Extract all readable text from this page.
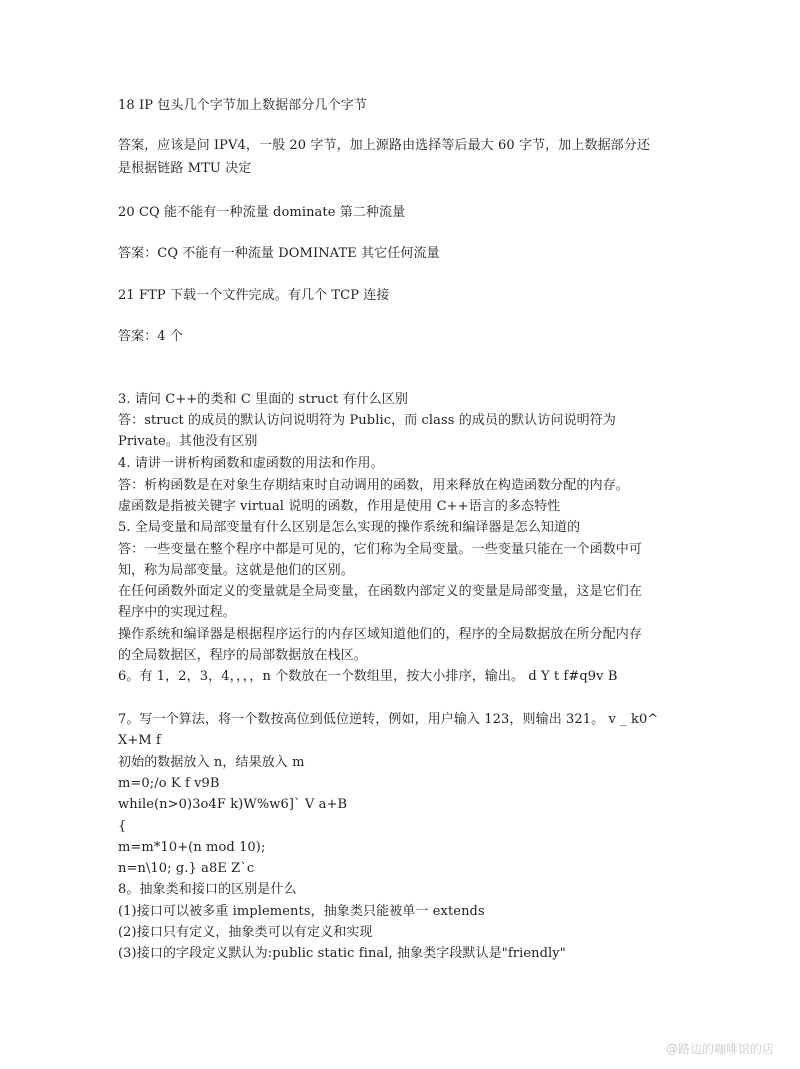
18 IP 包头几个字节加上数据部分几个字节
答案，应该是问 IPV4，一般 20 字节，加上源路由选择等后最大 60 字节，加上数据部分还
是根据链路 MTU 决定
20 CQ 能不能有一种流量 dominate 第二种流量
答案：CQ 不能有一种流量 DOMINATE 其它任何流量
21 FTP 下载一个文件完成。有几个 TCP 连接
答案：4 个
3. 请问 C++的类和 C 里面的 struct 有什么区别
答：struct 的成员的默认访问说明符为 Public，而 class 的成员的默认访问说明符为
Private。其他没有区别
4. 请讲一讲析构函数和虚函数的用法和作用。
答：析构函数是在对象生存期结束时自动调用的函数，用来释放在构造函数分配的内存。
虚函数是指被关键字 virtual 说明的函数，作用是使用 C++语言的多态特性
5. 全局变量和局部变量有什么区别是怎么实现的操作系统和编译器是怎么知道的
答：一些变量在整个程序中都是可见的，它们称为全局变量。一些变量只能在一个函数中可
知，称为局部变量。这就是他们的区别。
在任何函数外面定义的变量就是全局变量，在函数内部定义的变量是局部变量，这是它们在
程序中的实现过程。
操作系统和编译器是根据程序运行的内存区域知道他们的，程序的全局数据放在所分配内存
的全局数据区，程序的局部数据放在栈区。
6。有 1，2，3，4，，，，n 个数放在一个数组里，按大小排序，输出。 d Y t f#q9v B
7。写一个算法，将一个数按高位到低位逆转，例如，用户输入 123，则输出 321。 v _ k0^
X+M f
初始的数据放入 n，结果放入 m
m=0;/o K f v9B
while(n>0)3o4F k)W%w6]` V a+B
{
m=m*10+(n mod 10);
n=n\10; g.} a8E Z`c
8。抽象类和接口的区别是什么
(1)接口可以被多重 implements，抽象类只能被单一 extends
(2)接口只有定义，抽象类可以有定义和实现
(3)接口的字段定义默认为:public static final, 抽象类字段默认是"friendly"
@路边的咖啡馆的店
